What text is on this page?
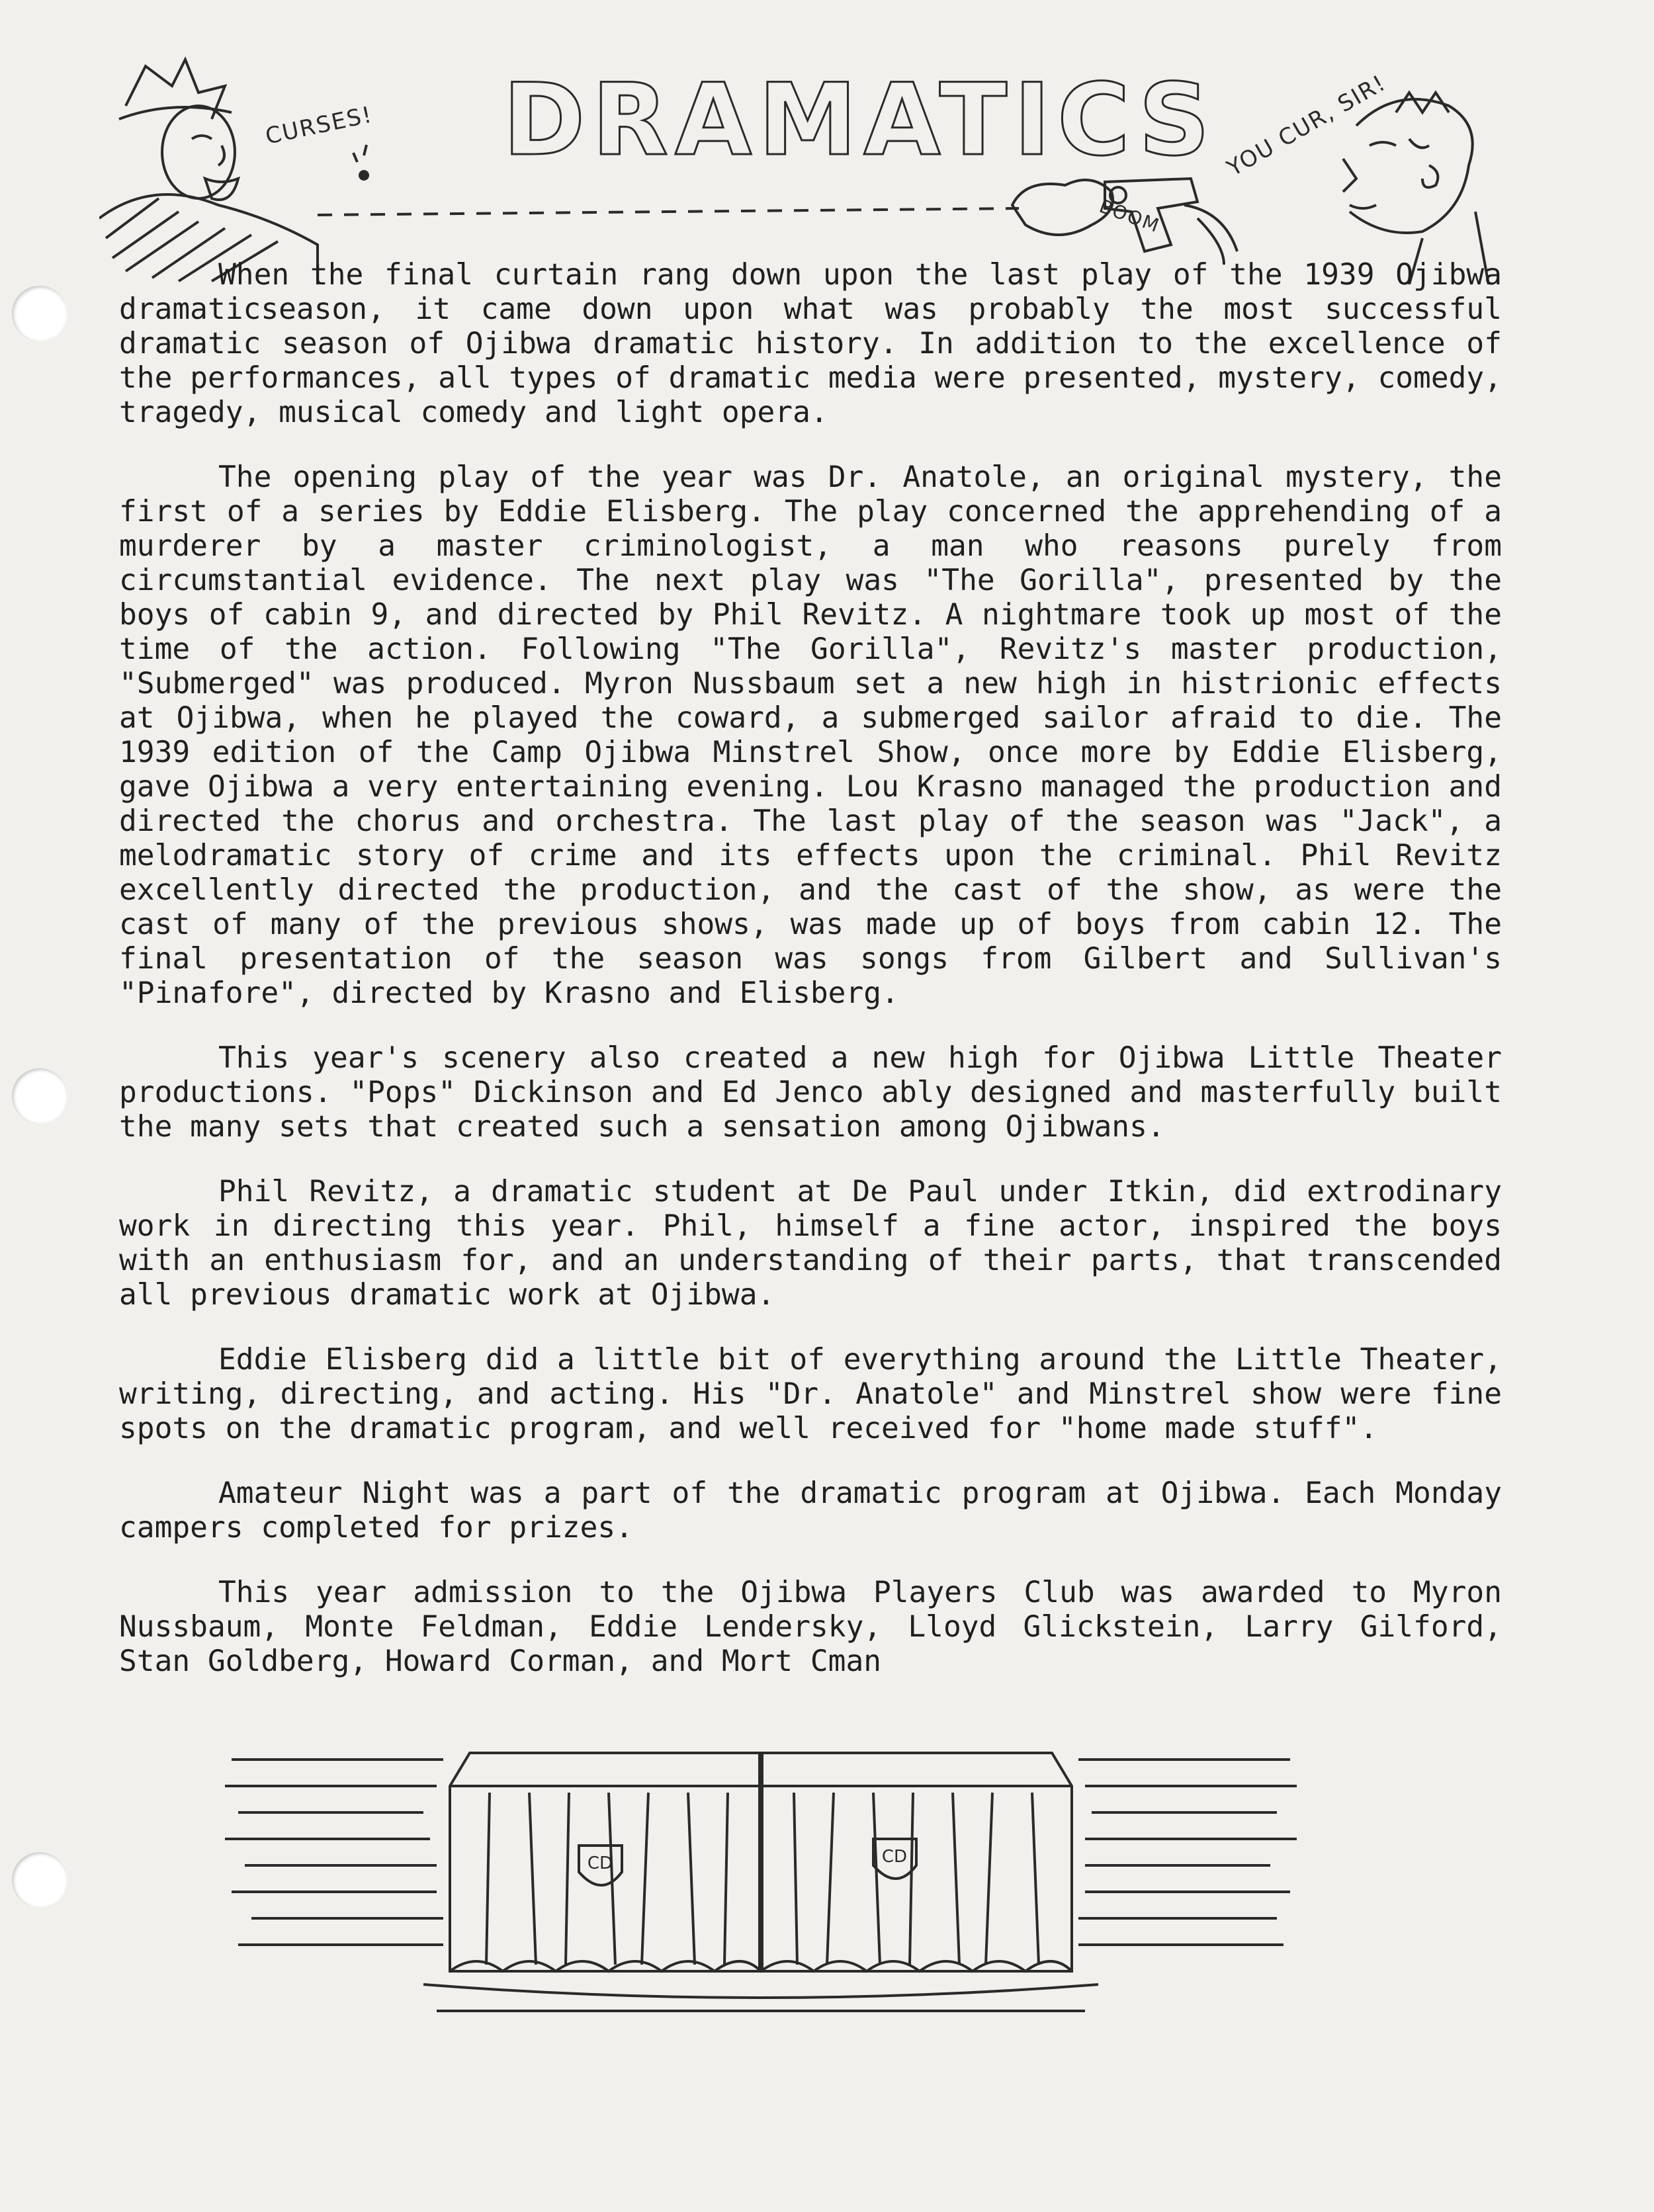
DRAMATICS
CURSES!	YOU CUR, SIR!
BOOM

When the final curtain rang down upon the last play of the 1939 Ojibwa dramaticseason, it came down upon what was probably the most successful dramatic season of Ojibwa dramatic history. In addition to the excellence of the performances, all types of dramatic media were presented, mystery, comedy, tragedy, musical comedy and light opera.

The opening play of the year was Dr. Anatole, an original mystery, the first of a series by Eddie Elisberg. The play concerned the apprehending of a murderer by a master criminologist, a man who reasons purely from circumstantial evidence. The next play was "The Gorilla", presented by the boys of cabin 9, and directed by Phil Revitz. A nightmare took up most of the time of the action. Following "The Gorilla", Revitz's master production, "Submerged" was produced. Myron Nussbaum set a new high in histrionic effects at Ojibwa, when he played the coward, a submerged sailor afraid to die. The 1939 edition of the Camp Ojibwa Minstrel Show, once more by Eddie Elisberg, gave Ojibwa a very entertaining evening. Lou Krasno managed the production and directed the chorus and orchestra. The last play of the season was "Jack", a melodramatic story of crime and its effects upon the criminal. Phil Revitz excellently directed the production, and the cast of the show, as were the cast of many of the previous shows, was made up of boys from cabin 12. The final presentation of the season was songs from Gilbert and Sullivan's "Pinafore", directed by Krasno and Elisberg.

This year's scenery also created a new high for Ojibwa Little Theater productions. "Pops" Dickinson and Ed Jenco ably designed and masterfully built the many sets that created such a sensation among Ojibwans.

Phil Revitz, a dramatic student at De Paul under Itkin, did extrodinary work in directing this year. Phil, himself a fine actor, inspired the boys with an enthusiasm for, and an understanding of their parts, that transcended all previous dramatic work at Ojibwa.

Eddie Elisberg did a little bit of everything around the Little Theater, writing, directing, and acting. His "Dr. Anatole" and Minstrel show were fine spots on the dramatic program, and well received for "home made stuff".

Amateur Night was a part of the dramatic program at Ojibwa. Each Monday campers completed for prizes.

This year admission to the Ojibwa Players Club was awarded to Myron Nussbaum, Monte Feldman, Eddie Lendersky, Lloyd Glickstein, Larry Gilford, Stan Goldberg, Howard Corman, and Mort Cman

CD	CD
